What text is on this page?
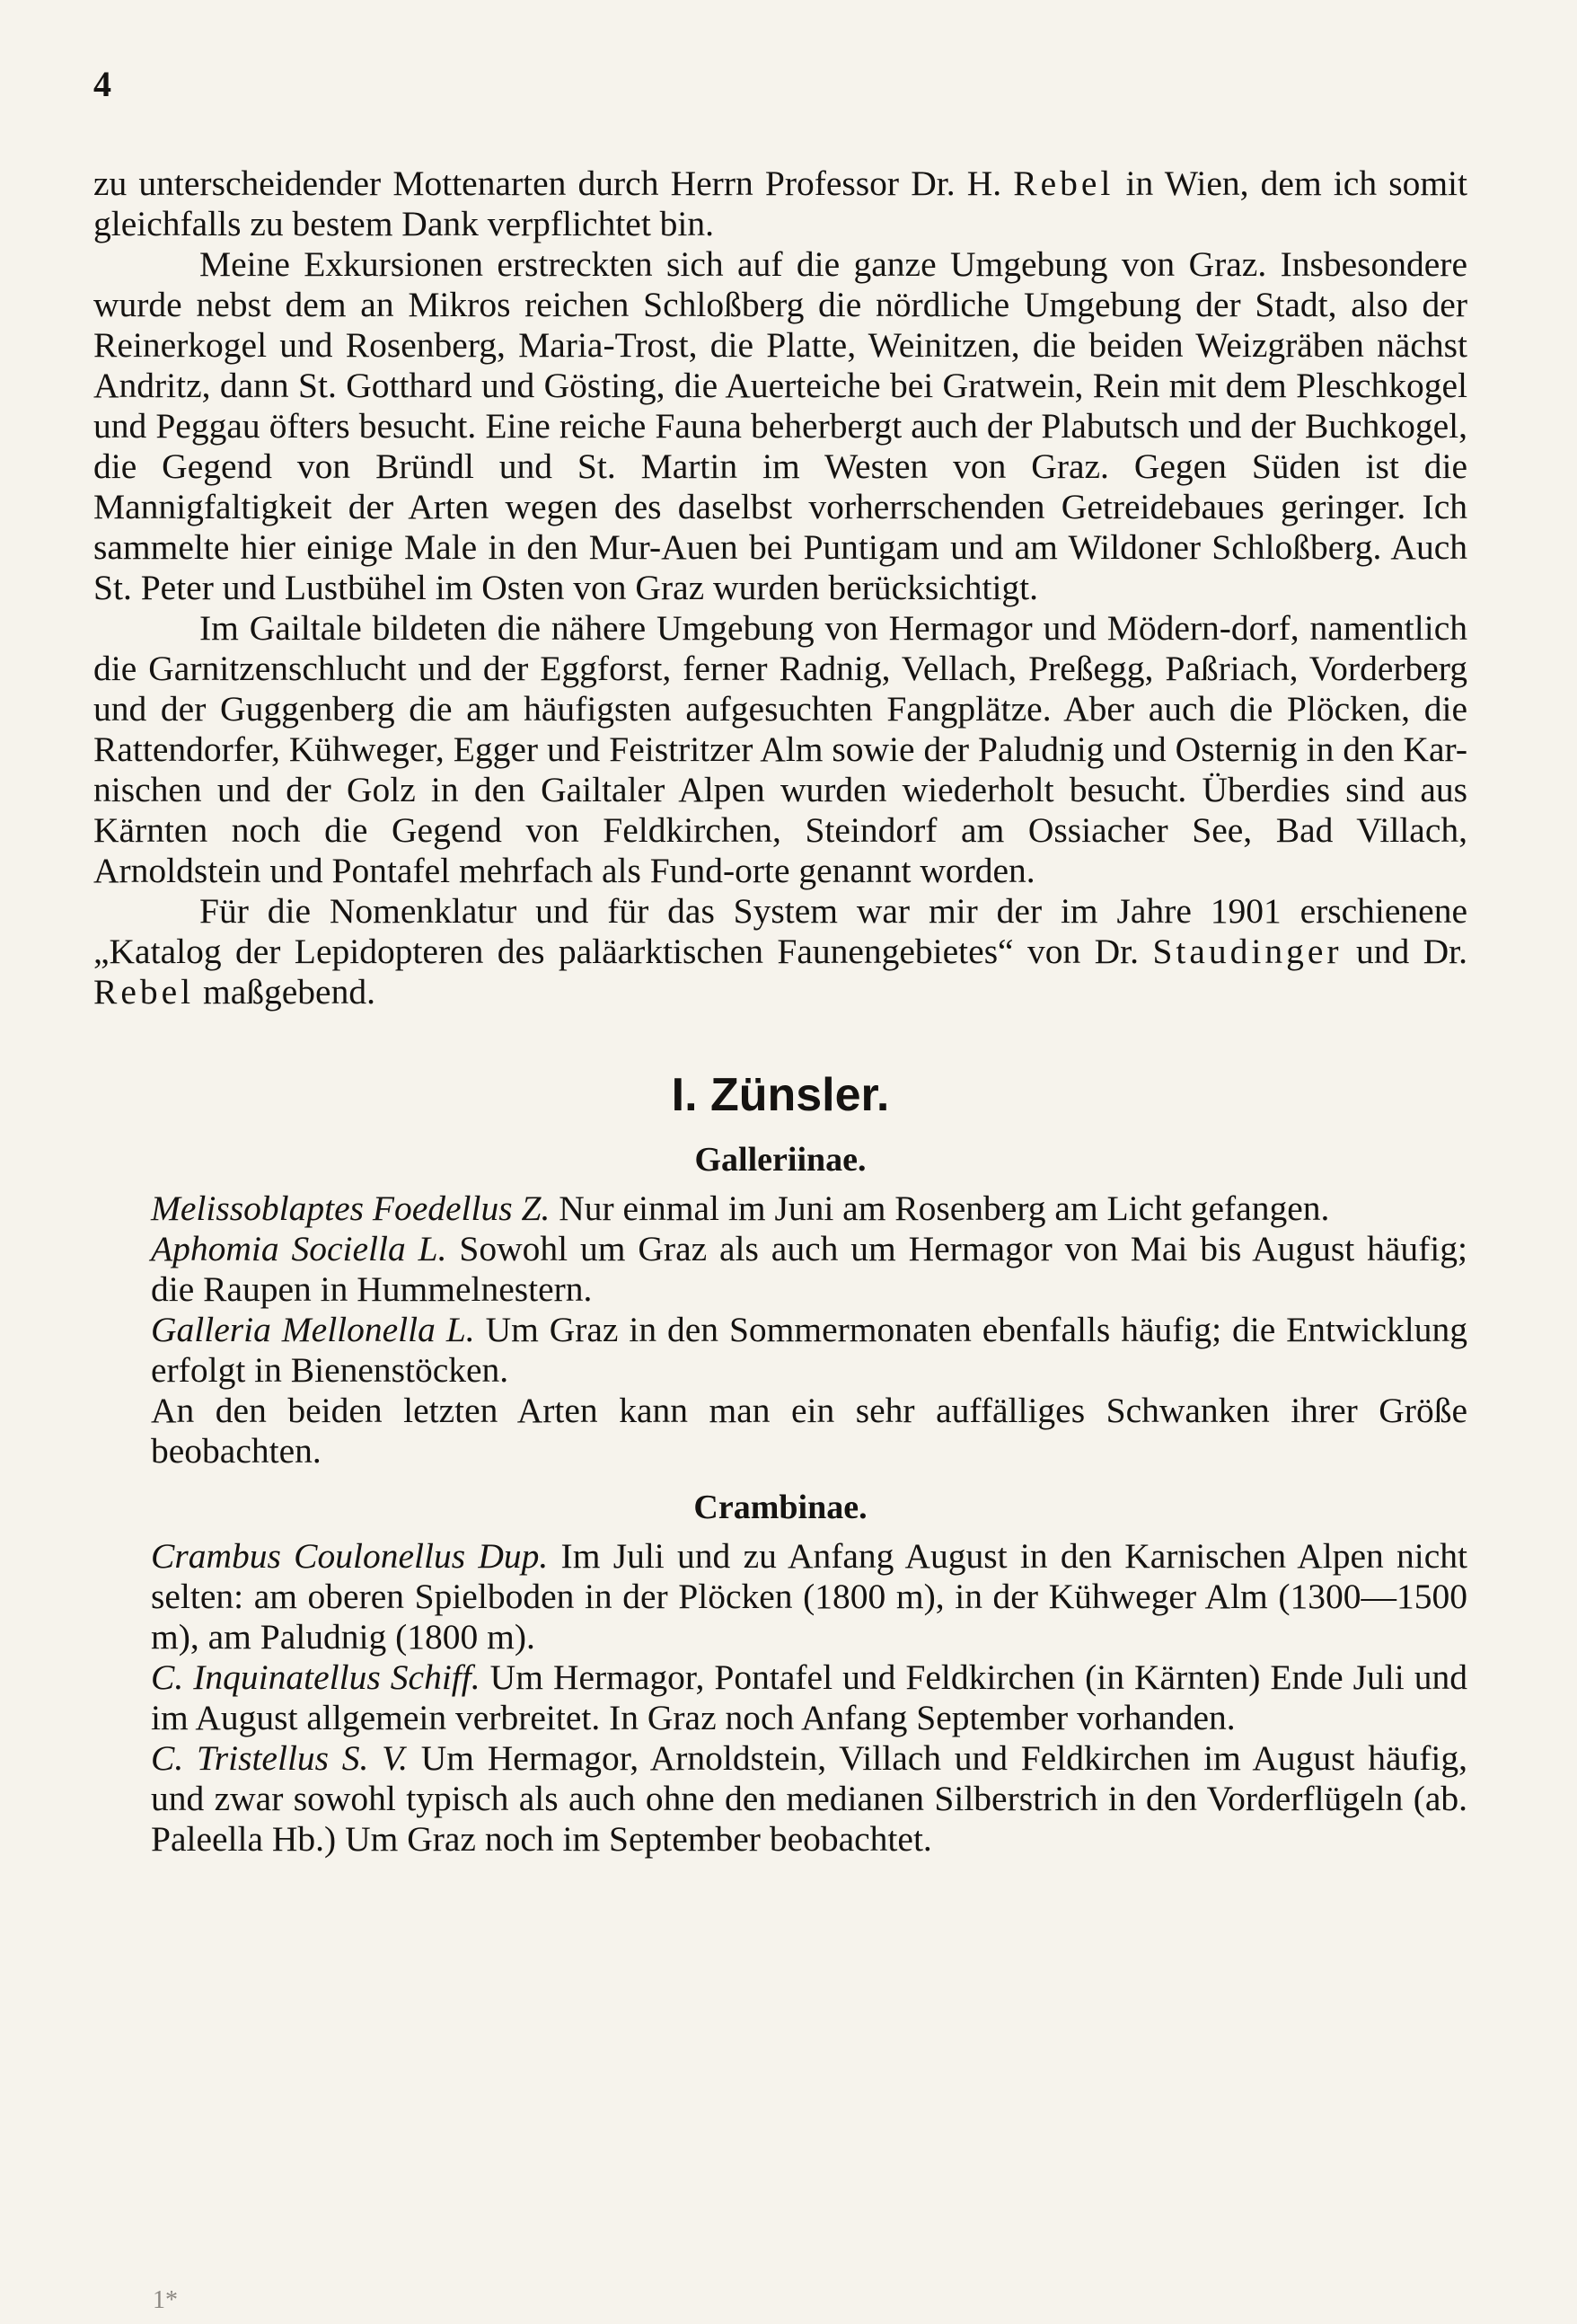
4

zu unterscheidender Mottenarten durch Herrn Professor Dr. H. Rebel in Wien, dem ich somit gleichfalls zu bestem Dank verpflichtet bin.

Meine Exkursionen erstreckten sich auf die ganze Umgebung von Graz. Insbesondere wurde nebst dem an Mikros reichen Schloßberg die nördliche Umgebung der Stadt, also der Reinerkogel und Rosenberg, Maria-Trost, die Platte, Weinitzen, die beiden Weizgräben nächst Andritz, dann St. Gotthard und Gösting, die Auerteiche bei Gratwein, Rein mit dem Pleschkogel und Peggau öfters besucht. Eine reiche Fauna beherbergt auch der Plabutsch und der Buchkogel, die Gegend von Bründl und St. Martin im Westen von Graz. Gegen Süden ist die Mannigfaltigkeit der Arten wegen des daselbst vorherrschenden Getreidebaues geringer. Ich sammelte hier einige Male in den Mur-Auen bei Puntigam und am Wildoner Schloßberg. Auch St. Peter und Lustbühel im Osten von Graz wurden berücksichtigt.

Im Gailtale bildeten die nähere Umgebung von Hermagor und Mödern-dorf, namentlich die Garnitzenschlucht und der Eggforst, ferner Radnig, Vellach, Preßegg, Paßriach, Vorderberg und der Guggenberg die am häufigsten aufgesuchten Fangplätze. Aber auch die Plöcken, die Rattendorfer, Kühweger, Egger und Feistritzer Alm sowie der Paludnig und Osternig in den Kar-nischen und der Golz in den Gailtaler Alpen wurden wiederholt besucht. Überdies sind aus Kärnten noch die Gegend von Feldkirchen, Steindorf am Ossiacher See, Bad Villach, Arnoldstein und Pontafel mehrfach als Fund-orte genannt worden.

Für die Nomenklatur und für das System war mir der im Jahre 1901 erschienene „Katalog der Lepidopteren des paläarktischen Faunengebietes“ von Dr. Staudinger und Dr. Rebel maßgebend.

I. Zünsler.
Galleriinae.

Melissoblaptes Foedellus Z. Nur einmal im Juni am Rosenberg am Licht gefangen.

Aphomia Sociella L. Sowohl um Graz als auch um Hermagor von Mai bis August häufig; die Raupen in Hummelnestern.

Galleria Mellonella L. Um Graz in den Sommermonaten ebenfalls häufig; die Entwicklung erfolgt in Bienenstöcken.

An den beiden letzten Arten kann man ein sehr auffälliges Schwanken ihrer Größe beobachten.

Crambinae.

Crambus Coulonellus Dup. Im Juli und zu Anfang August in den Karnischen Alpen nicht selten: am oberen Spielboden in der Plöcken (1800 m), in der Kühweger Alm (1300—1500 m), am Paludnig (1800 m).

C. Inquinatellus Schiff. Um Hermagor, Pontafel und Feldkirchen (in Kärnten) Ende Juli und im August allgemein verbreitet. In Graz noch Anfang September vorhanden.

C. Tristellus S. V. Um Hermagor, Arnoldstein, Villach und Feldkirchen im August häufig, und zwar sowohl typisch als auch ohne den medianen Silberstrich in den Vorderflügeln (ab. Paleella Hb.) Um Graz noch im September beobachtet.

1*
